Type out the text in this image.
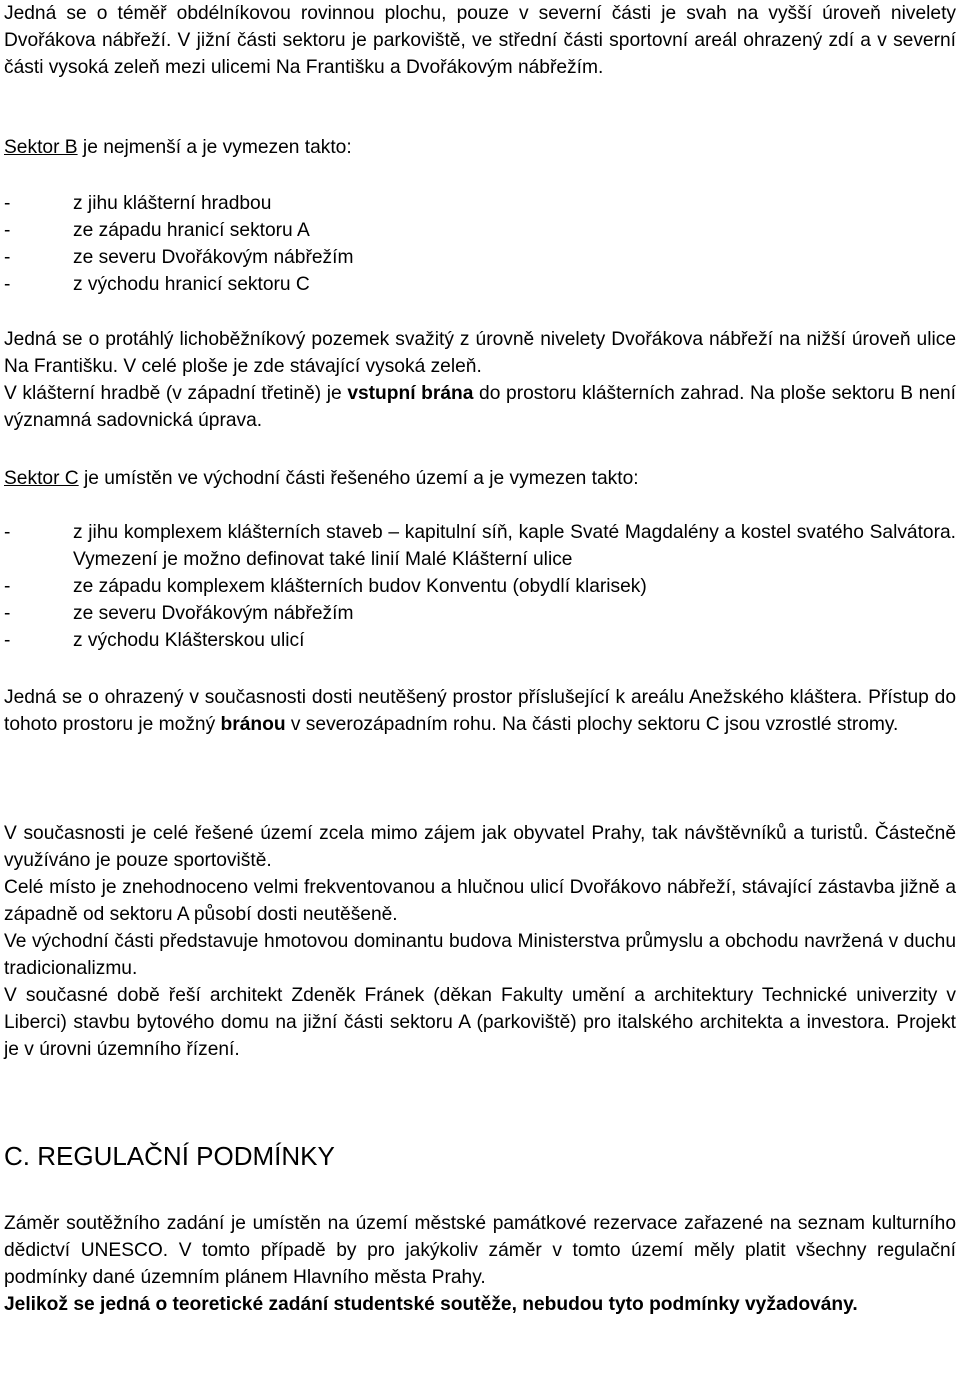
Jedná se o téměř obdélníkovou rovinnou plochu, pouze v severní části je svah na vyšší úroveň nivelety Dvořákova nábřeží. V jižní části sektoru je parkoviště, ve střední části sportovní areál ohrazený zdí a v severní části vysoká zeleň mezi ulicemi Na Františku a Dvořákovým nábřežím.

Sektor B je nejmenší a je vymezen takto:

-	z jihu klášterní hradbou
-	ze západu hranicí sektoru A
-	ze severu Dvořákovým nábřežím
-	z východu hranicí sektoru C

Jedná se o protáhlý lichoběžníkový pozemek svažitý z úrovně nivelety Dvořákova nábřeží na nižší úroveň ulice Na Františku. V celé ploše je zde stávající vysoká zeleň.

V klášterní hradbě (v západní třetině) je vstupní brána do prostoru klášterních zahrad. Na ploše sektoru B není významná sadovnická úprava.

Sektor C je umístěn ve východní části řešeného území a je vymezen takto:

-	z jihu komplexem klášterních staveb – kapitulní síň, kaple Svaté Magdalény a kostel svatého Salvátora. Vymezení je možno definovat také linií Malé Klášterní ulice
-	ze západu komplexem klášterních budov Konventu (obydlí klarisek)
-	ze severu Dvořákovým nábřežím
-	z východu Klášterskou ulicí

Jedná se o ohrazený v současnosti dosti neutěšený prostor příslušející k areálu Anežského kláštera. Přístup do tohoto prostoru je možný bránou v severozápadním rohu. Na části plochy sektoru C jsou vzrostlé stromy.

V současnosti je celé řešené území zcela mimo zájem jak obyvatel Prahy, tak návštěvníků a turistů. Částečně využíváno je pouze sportoviště.

Celé místo je znehodnoceno velmi frekventovanou a hlučnou ulicí Dvořákovo nábřeží, stávající zástavba jižně a západně od sektoru A působí dosti neutěšeně.

Ve východní části představuje hmotovou dominantu budova Ministerstva průmyslu a obchodu navržená v duchu tradicionalizmu.

V současné době řeší architekt Zdeněk Fránek (děkan Fakulty umění a architektury Technické univerzity v Liberci) stavbu bytového domu na jižní části sektoru A (parkoviště) pro italského architekta a investora. Projekt je v úrovni územního řízení.

C. REGULAČNÍ PODMÍNKY

Záměr soutěžního zadání je umístěn na území městské památkové rezervace zařazené na seznam kulturního dědictví UNESCO. V tomto případě by pro jakýkoliv záměr v tomto území měly platit všechny regulační podmínky dané územním plánem Hlavního města Prahy.

Jelikož se jedná o teoretické zadání studentské soutěže, nebudou tyto podmínky vyžadovány.
